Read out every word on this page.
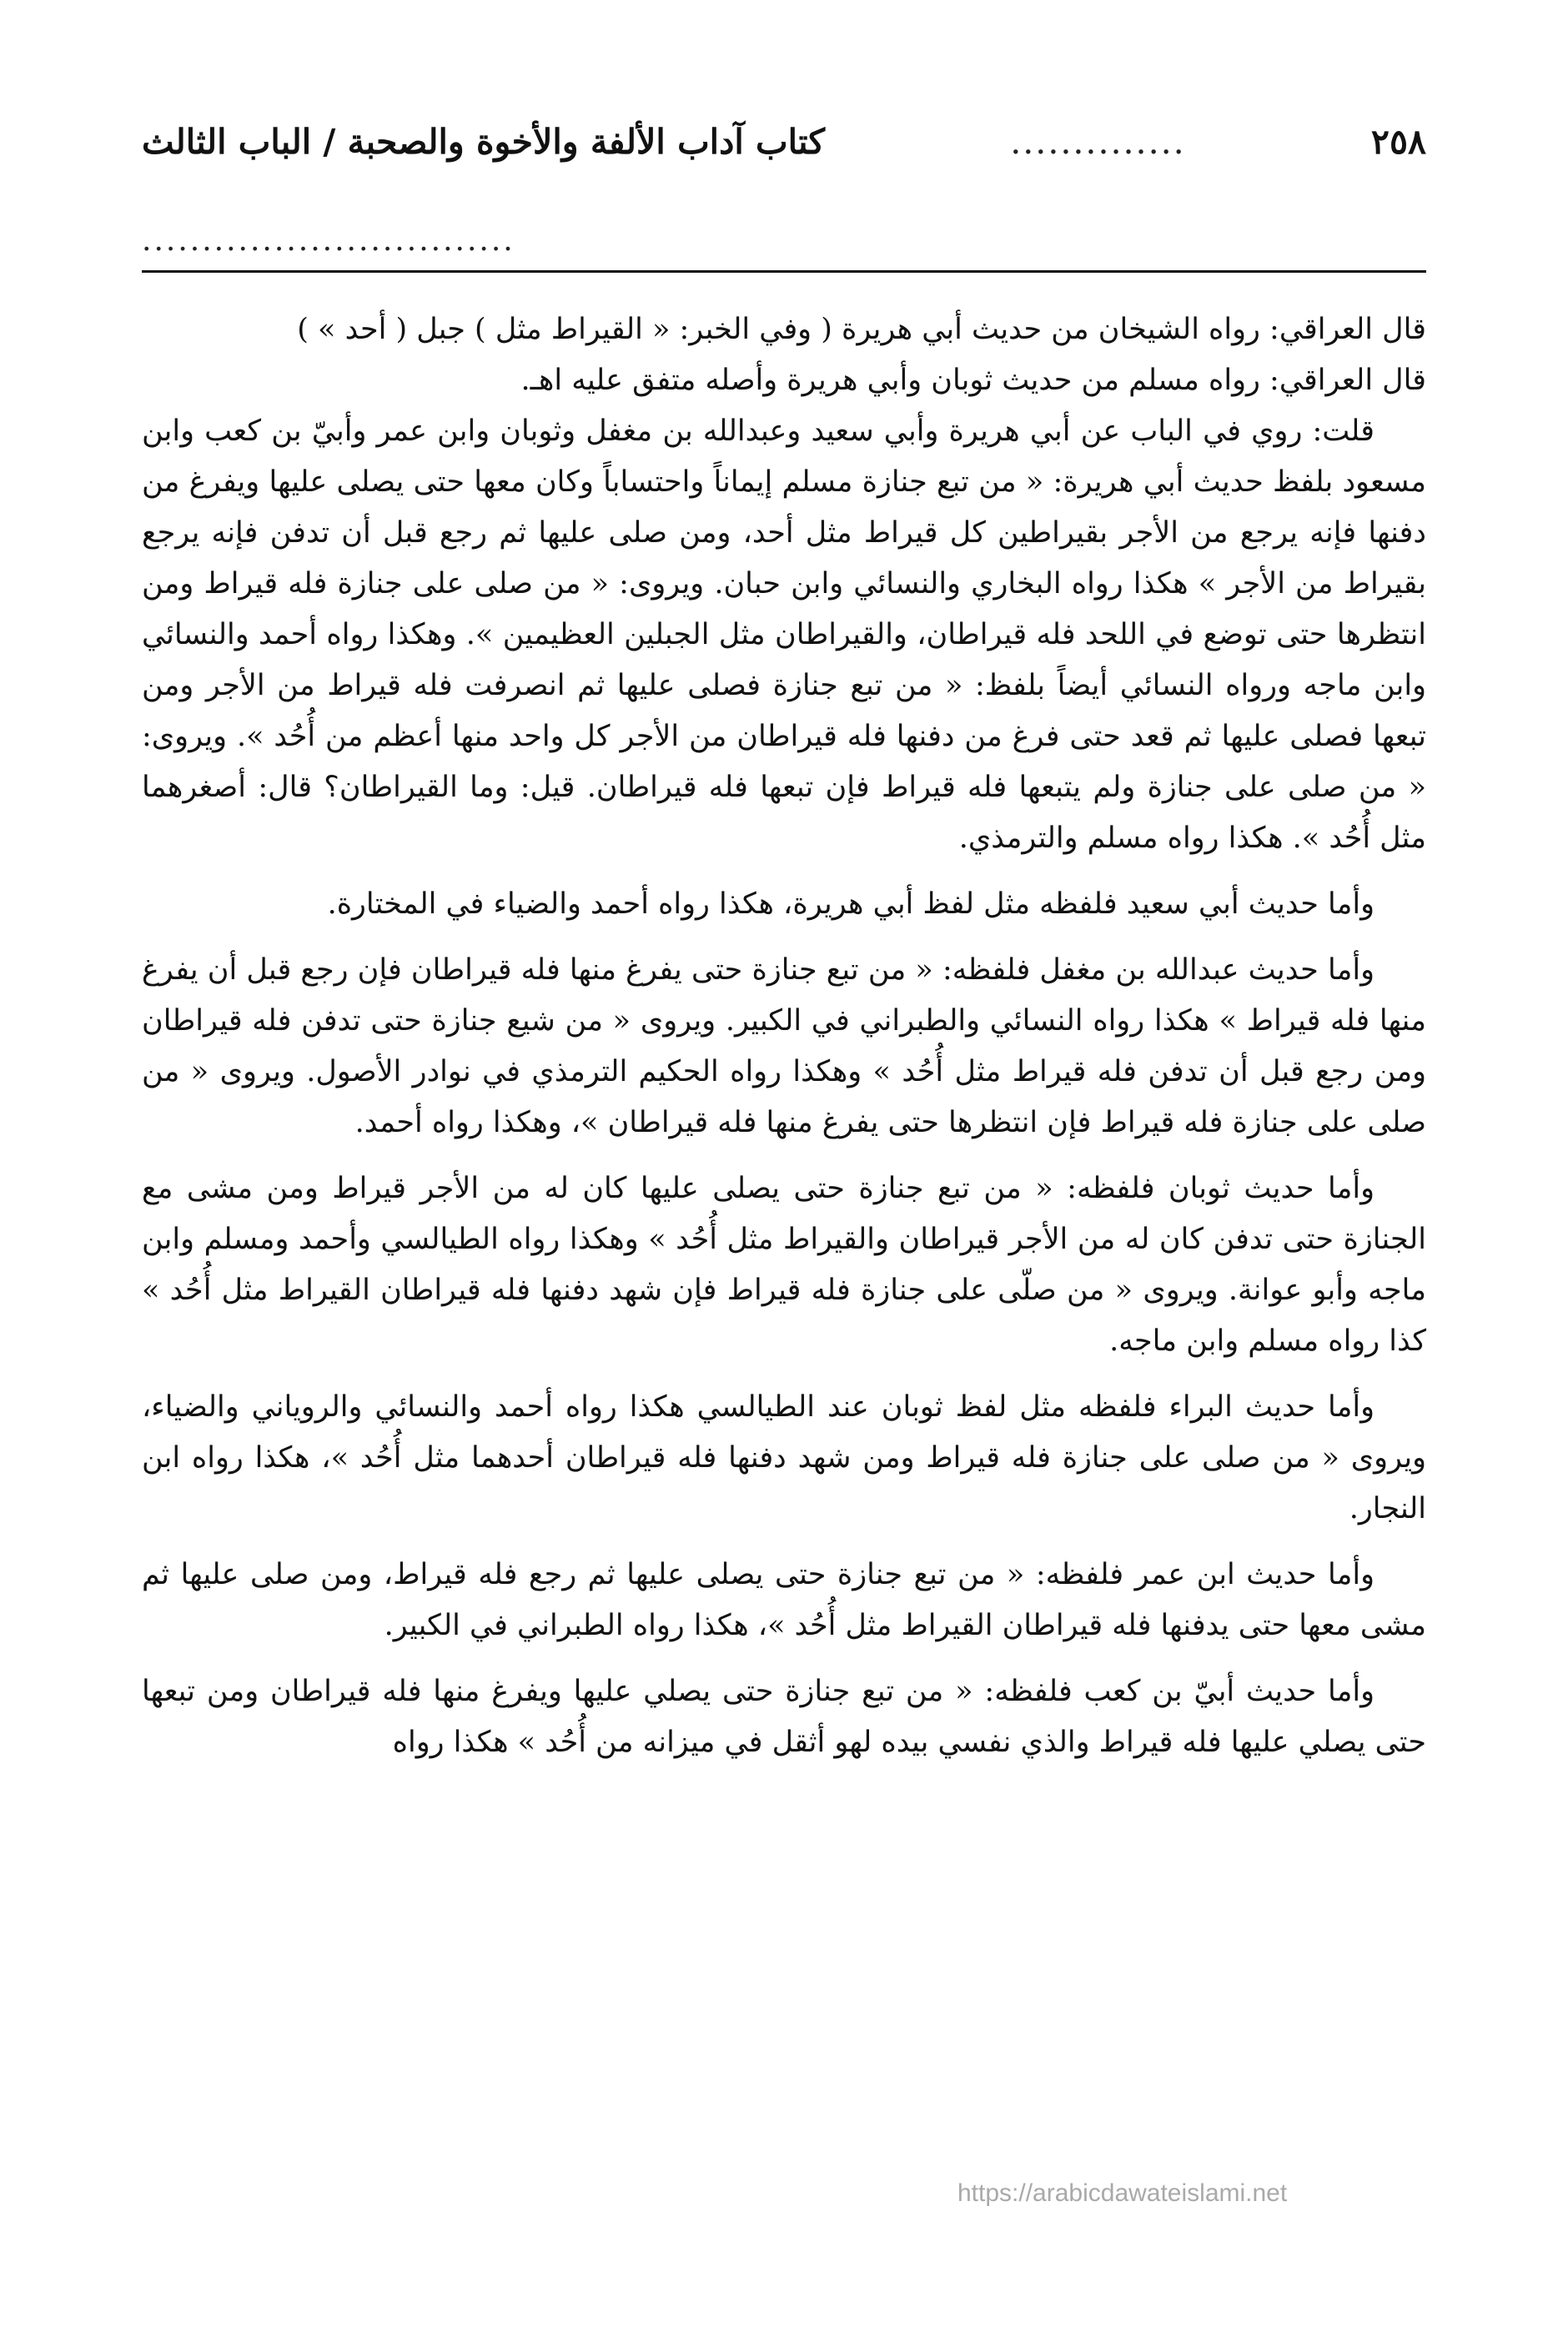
٢٥٨
..............
كتاب آداب الألفة والأخوة والصحبة / الباب الثالث
...............................

قال العراقي: رواه الشيخان من حديث أبي هريرة ( وفي الخبر: « القيراط مثل ) جبل ( أحد » )

قال العراقي: رواه مسلم من حديث ثوبان وأبي هريرة وأصله متفق عليه اهـ.

قلت: روي في الباب عن أبي هريرة وأبي سعيد وعبدالله بن مغفل وثوبان وابن عمر وأبيّ بن كعب وابن مسعود بلفظ حديث أبي هريرة: « من تبع جنازة مسلم إيماناً واحتساباً وكان معها حتى يصلى عليها ويفرغ من دفنها فإنه يرجع من الأجر بقيراطين كل قيراط مثل أحد، ومن صلى عليها ثم رجع قبل أن تدفن فإنه يرجع بقيراط من الأجر » هكذا رواه البخاري والنسائي وابن حبان. ويروى: « من صلى على جنازة فله قيراط ومن انتظرها حتى توضع في اللحد فله قيراطان، والقيراطان مثل الجبلين العظيمين ». وهكذا رواه أحمد والنسائي وابن ماجه ورواه النسائي أيضاً بلفظ: « من تبع جنازة فصلى عليها ثم انصرفت فله قيراط من الأجر ومن تبعها فصلى عليها ثم قعد حتى فرغ من دفنها فله قيراطان من الأجر كل واحد منها أعظم من أُحُد ». ويروى: « من صلى على جنازة ولم يتبعها فله قيراط فإن تبعها فله قيراطان. قيل: وما القيراطان؟ قال: أصغرهما مثل أُحُد ». هكذا رواه مسلم والترمذي.

وأما حديث أبي سعيد فلفظه مثل لفظ أبي هريرة، هكذا رواه أحمد والضياء في المختارة.

وأما حديث عبدالله بن مغفل فلفظه: « من تبع جنازة حتى يفرغ منها فله قيراطان فإن رجع قبل أن يفرغ منها فله قيراط » هكذا رواه النسائي والطبراني في الكبير. ويروى « من شيع جنازة حتى تدفن فله قيراطان ومن رجع قبل أن تدفن فله قيراط مثل أُحُد » وهكذا رواه الحكيم الترمذي في نوادر الأصول. ويروى « من صلى على جنازة فله قيراط فإن انتظرها حتى يفرغ منها فله قيراطان »، وهكذا رواه أحمد.

وأما حديث ثوبان فلفظه: « من تبع جنازة حتى يصلى عليها كان له من الأجر قيراط ومن مشى مع الجنازة حتى تدفن كان له من الأجر قيراطان والقيراط مثل أُحُد » وهكذا رواه الطيالسي وأحمد ومسلم وابن ماجه وأبو عوانة. ويروى « من صلّى على جنازة فله قيراط فإن شهد دفنها فله قيراطان القيراط مثل أُحُد » كذا رواه مسلم وابن ماجه.

وأما حديث البراء فلفظه مثل لفظ ثوبان عند الطيالسي هكذا رواه أحمد والنسائي والروياني والضياء، ويروى « من صلى على جنازة فله قيراط ومن شهد دفنها فله قيراطان أحدهما مثل أُحُد »، هكذا رواه ابن النجار.

وأما حديث ابن عمر فلفظه: « من تبع جنازة حتى يصلى عليها ثم رجع فله قيراط، ومن صلى عليها ثم مشى معها حتى يدفنها فله قيراطان القيراط مثل أُحُد »، هكذا رواه الطبراني في الكبير.

وأما حديث أبيّ بن كعب فلفظه: « من تبع جنازة حتى يصلي عليها ويفرغ منها فله قيراطان ومن تبعها حتى يصلي عليها فله قيراط والذي نفسي بيده لهو أثقل في ميزانه من أُحُد » هكذا رواه

https://arabicdawateislami.net
